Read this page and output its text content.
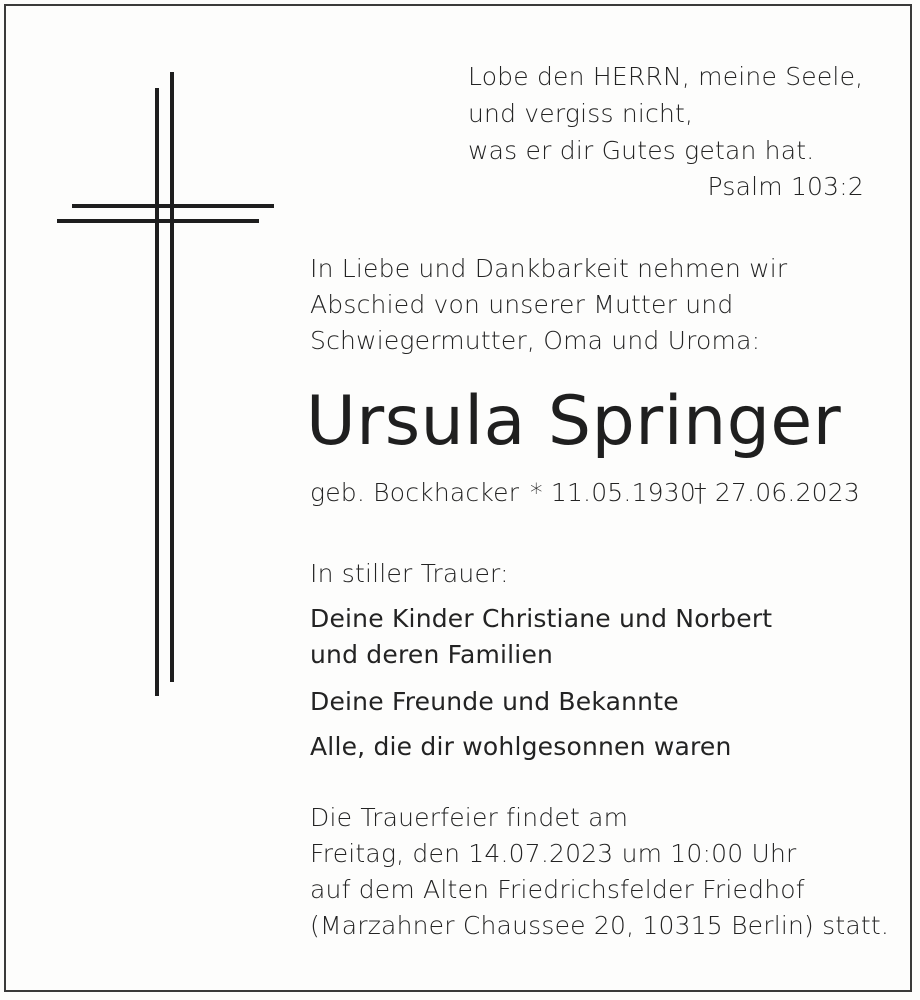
Lobe den HERRN, meine Seele,
und vergiss nicht,
was er dir Gutes getan hat.
Psalm 103:2
In Liebe und Dankbarkeit nehmen wir
Abschied von unserer Mutter und
Schwiegermutter, Oma und Uroma:
Ursula Springer
geb. Bockhacker * 11.05.1930
† 27.06.2023
In stiller Trauer:
Deine Kinder Christiane und Norbert
und deren Familien
Deine Freunde und Bekannte
Alle, die dir wohlgesonnen waren
Die Trauerfeier findet am
Freitag, den 14.07.2023 um 10:00 Uhr
auf dem Alten Friedrichsfelder Friedhof
(Marzahner Chaussee 20, 10315 Berlin) statt.
